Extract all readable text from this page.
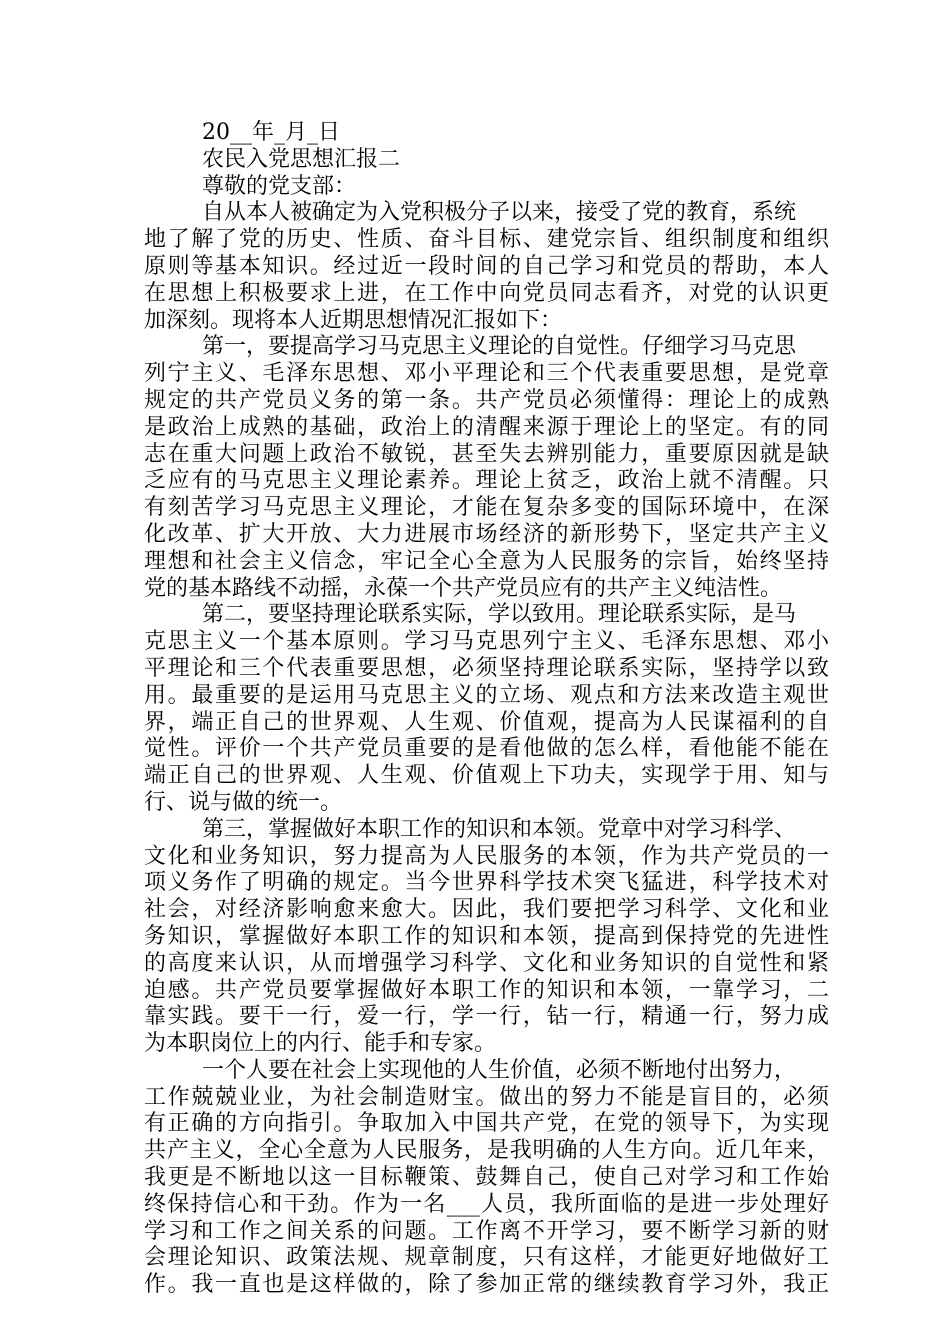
20__年_月_日
农民入党思想汇报二
尊敬的党支部：
自从本人被确定为入党积极分子以来，接受了党的教育，系统
地了解了党的历史、性质、奋斗目标、建党宗旨、组织制度和组织
原则等基本知识。经过近一段时间的自己学习和党员的帮助，本人
在思想上积极要求上进，在工作中向党员同志看齐，对党的认识更
加深刻。现将本人近期思想情况汇报如下：
第一，要提高学习马克思主义理论的自觉性。仔细学习马克思
列宁主义、毛泽东思想、邓小平理论和三个代表重要思想，是党章
规定的共产党员义务的第一条。共产党员必须懂得：理论上的成熟
是政治上成熟的基础，政治上的清醒来源于理论上的坚定。有的同
志在重大问题上政治不敏锐，甚至失去辨别能力，重要原因就是缺
乏应有的马克思主义理论素养。理论上贫乏，政治上就不清醒。只
有刻苦学习马克思主义理论，才能在复杂多变的国际环境中，在深
化改革、扩大开放、大力进展市场经济的新形势下，坚定共产主义
理想和社会主义信念，牢记全心全意为人民服务的宗旨，始终坚持
党的基本路线不动摇，永葆一个共产党员应有的共产主义纯洁性。
第二，要坚持理论联系实际，学以致用。理论联系实际，是马
克思主义一个基本原则。学习马克思列宁主义、毛泽东思想、邓小
平理论和三个代表重要思想，必须坚持理论联系实际，坚持学以致
用。最重要的是运用马克思主义的立场、观点和方法来改造主观世
界，端正自己的世界观、人生观、价值观，提高为人民谋福利的自
觉性。评价一个共产党员重要的是看他做的怎么样，看他能不能在
端正自己的世界观、人生观、价值观上下功夫，实现学于用、知与
行、说与做的统一。
第三，掌握做好本职工作的知识和本领。党章中对学习科学、
文化和业务知识，努力提高为人民服务的本领，作为共产党员的一
项义务作了明确的规定。当今世界科学技术突飞猛进，科学技术对
社会，对经济影响愈来愈大。因此，我们要把学习科学、文化和业
务知识，掌握做好本职工作的知识和本领，提高到保持党的先进性
的高度来认识，从而增强学习科学、文化和业务知识的自觉性和紧
迫感。共产党员要掌握做好本职工作的知识和本领，一靠学习，二
靠实践。要干一行，爱一行，学一行，钻一行，精通一行，努力成
为本职岗位上的内行、能手和专家。
一个人要在社会上实现他的人生价值，必须不断地付出努力，
工作兢兢业业，为社会制造财宝。做出的努力不能是盲目的，必须
有正确的方向指引。争取加入中国共产党，在党的领导下，为实现
共产主义，全心全意为人民服务，是我明确的人生方向。近几年来，
我更是不断地以这一目标鞭策、鼓舞自己，使自己对学习和工作始
终保持信心和干劲。作为一名___人员，我所面临的是进一步处理好
学习和工作之间关系的问题。工作离不开学习，要不断学习新的财
会理论知识、政策法规、规章制度，只有这样，才能更好地做好工
作。我一直也是这样做的，除了参加正常的继续教育学习外，我正
